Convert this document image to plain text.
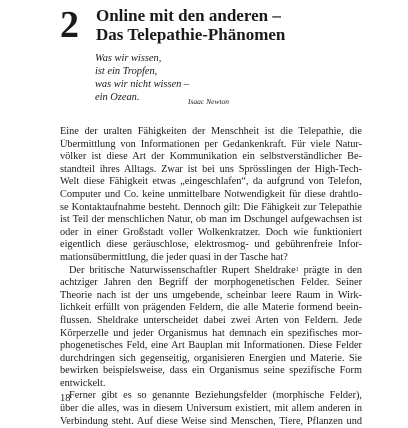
2 Online mit den anderen –
Das Telepathie-Phänomen
Was wir wissen,
ist ein Tropfen,
was wir nicht wissen –
ein Ozean.	Isaac Newton
Eine der uralten Fähigkeiten der Menschheit ist die Telepathie, die
Übermittlung von Informationen per Gedankenkraft. Für viele Natur-
völker ist diese Art der Kommunikation ein selbstverständlicher Be-
standteil ihres Alltags. Zwar ist bei uns Sprösslingen der High-Tech-
Welt diese Fähigkeit etwas „eingeschlafen“, da aufgrund von Telefon,
Computer und Co. keine unmittelbare Notwendigkeit für diese drahtlo-
se Kontaktaufnahme besteht. Dennoch gilt: Die Fähigkeit zur Telepathie
ist Teil der menschlichen Natur, ob man im Dschungel aufgewachsen ist
oder in einer Großstadt voller Wolkenkratzer. Doch wie funktioniert
eigentlich diese geräuschlose, elektrosmog- und gebührenfreie Infor-
mationsübermittlung, die jeder quasi in der Tasche hat?
Der britische Naturwissenschaftler Rupert Sheldrake$^1$ prägte in den
achtziger Jahren den Begriff der morphogenetischen Felder. Seiner
Theorie nach ist der uns umgebende, scheinbar leere Raum in Wirk-
lichkeit erfüllt von prägenden Feldern, die alle Materie formend beein-
flussen. Sheldrake unterscheidet dabei zwei Arten von Feldern. Jede
Körperzelle und jeder Organismus hat demnach ein spezifisches mor-
phogenetisches Feld, eine Art Bauplan mit Informationen. Diese Felder
durchdringen sich gegenseitig, organisieren Energien und Materie. Sie
bewirken beispielsweise, dass ein Organismus seine spezifische Form
entwickelt.
Ferner gibt es so genannte Beziehungsfelder (morphische Felder),
über die alles, was in diesem Universum existiert, mit allem anderen in
Verbindung steht. Auf diese Weise sind Menschen, Tiere, Pflanzen und
18
